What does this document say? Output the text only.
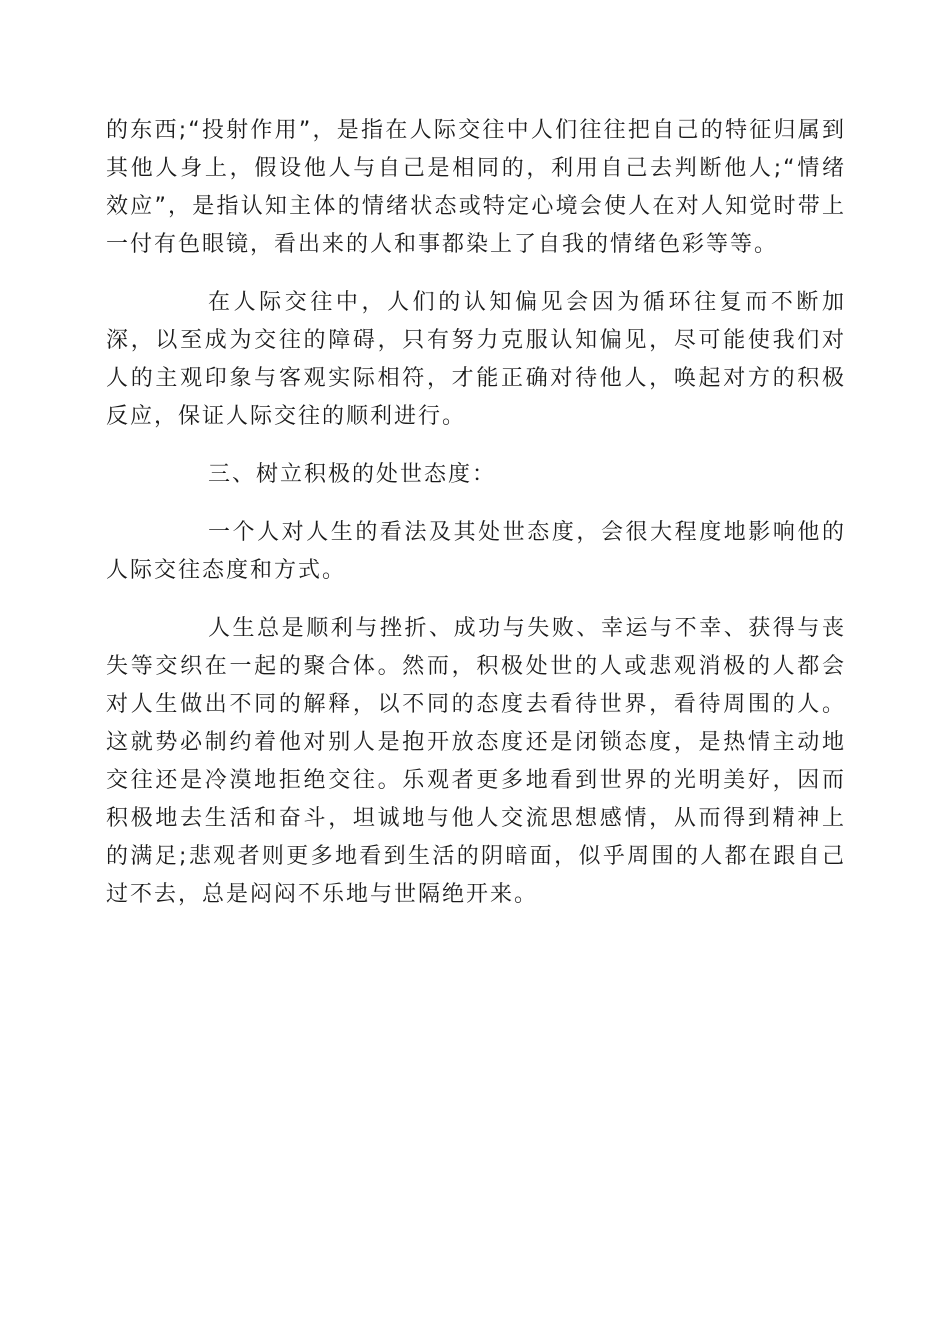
的东西;“投射作用”，是指在人际交往中人们往往把自己的特征归属到其他人身上，假设他人与自己是相同的，利用自己去判断他人;“情绪效应”，是指认知主体的情绪状态或特定心境会使人在对人知觉时带上一付有色眼镜，看出来的人和事都染上了自我的情绪色彩等等。

在人际交往中，人们的认知偏见会因为循环往复而不断加深，以至成为交往的障碍，只有努力克服认知偏见，尽可能使我们对人的主观印象与客观实际相符，才能正确对待他人，唤起对方的积极反应，保证人际交往的顺利进行。

三、树立积极的处世态度：

一个人对人生的看法及其处世态度，会很大程度地影响他的人际交往态度和方式。

人生总是顺利与挫折、成功与失败、幸运与不幸、获得与丧失等交织在一起的聚合体。然而，积极处世的人或悲观消极的人都会对人生做出不同的解释，以不同的态度去看待世界，看待周围的人。这就势必制约着他对别人是抱开放态度还是闭锁态度，是热情主动地交往还是冷漠地拒绝交往。乐观者更多地看到世界的光明美好，因而积极地去生活和奋斗，坦诚地与他人交流思想感情，从而得到精神上的满足;悲观者则更多地看到生活的阴暗面，似乎周围的人都在跟自己过不去，总是闷闷不乐地与世隔绝开来。
